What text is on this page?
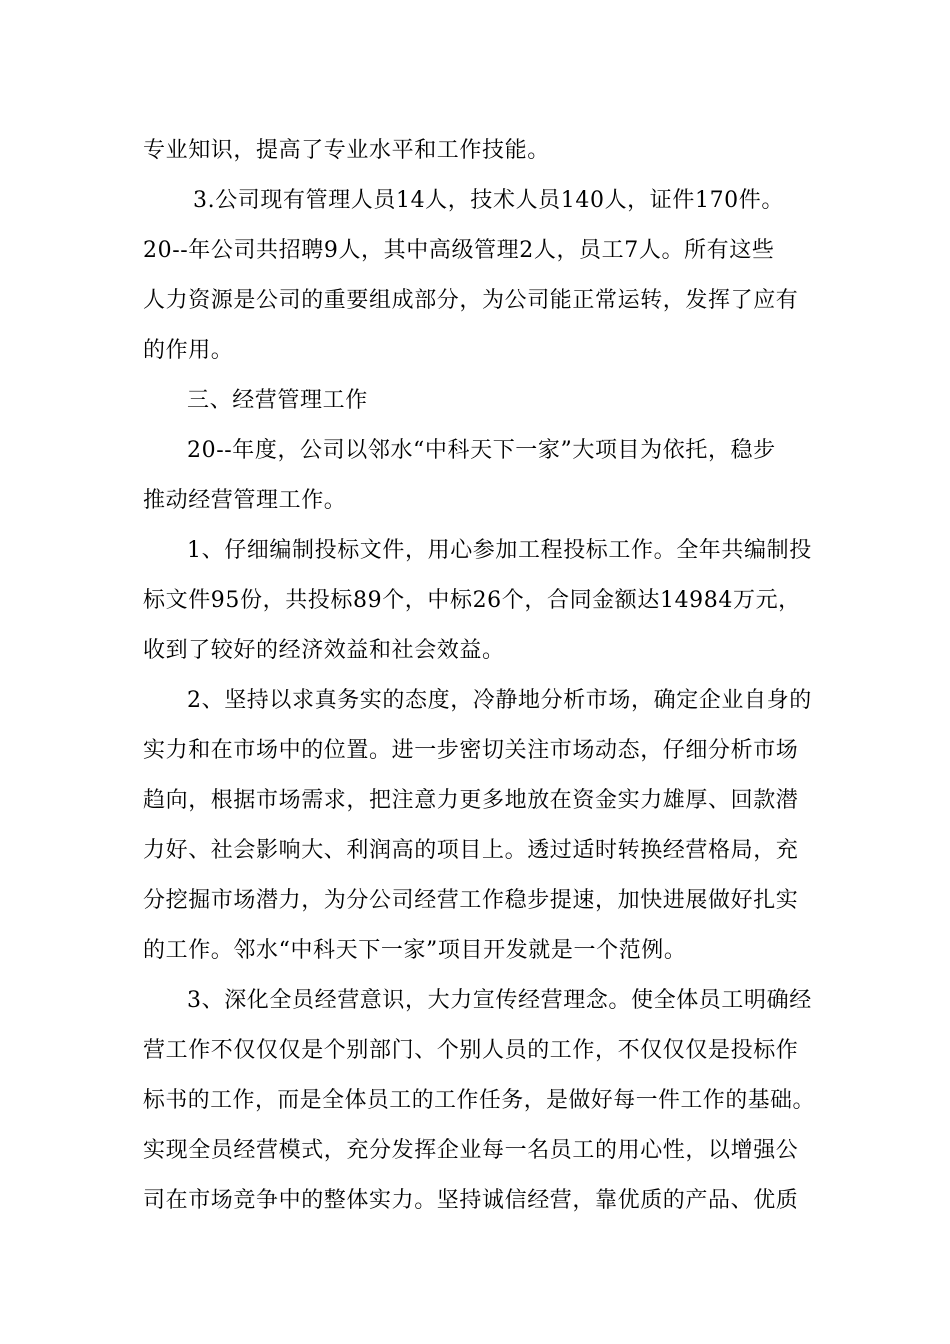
专业知识，提高了专业水平和工作技能。
3.公司现有管理人员14人，技术人员140人，证件170件。
20--年公司共招聘9人，其中高级管理2人，员工7人。所有这些
人力资源是公司的重要组成部分，为公司能正常运转，发挥了应有
的作用。
三、经营管理工作
20--年度，公司以邻水“中科天下一家”大项目为依托，稳步
推动经营管理工作。
1、仔细编制投标文件，用心参加工程投标工作。全年共编制投
标文件95份，共投标89个，中标26个，合同金额达14984万元，
收到了较好的经济效益和社会效益。
2、坚持以求真务实的态度，冷静地分析市场，确定企业自身的
实力和在市场中的位置。进一步密切关注市场动态，仔细分析市场
趋向，根据市场需求，把注意力更多地放在资金实力雄厚、回款潜
力好、社会影响大、利润高的项目上。透过适时转换经营格局，充
分挖掘市场潜力，为分公司经营工作稳步提速，加快进展做好扎实
的工作。邻水“中科天下一家”项目开发就是一个范例。
3、深化全员经营意识，大力宣传经营理念。使全体员工明确经
营工作不仅仅仅是个别部门、个别人员的工作，不仅仅仅是投标作
标书的工作，而是全体员工的工作任务，是做好每一件工作的基础。
实现全员经营模式，充分发挥企业每一名员工的用心性，以增强公
司在市场竞争中的整体实力。坚持诚信经营，靠优质的产品、优质
